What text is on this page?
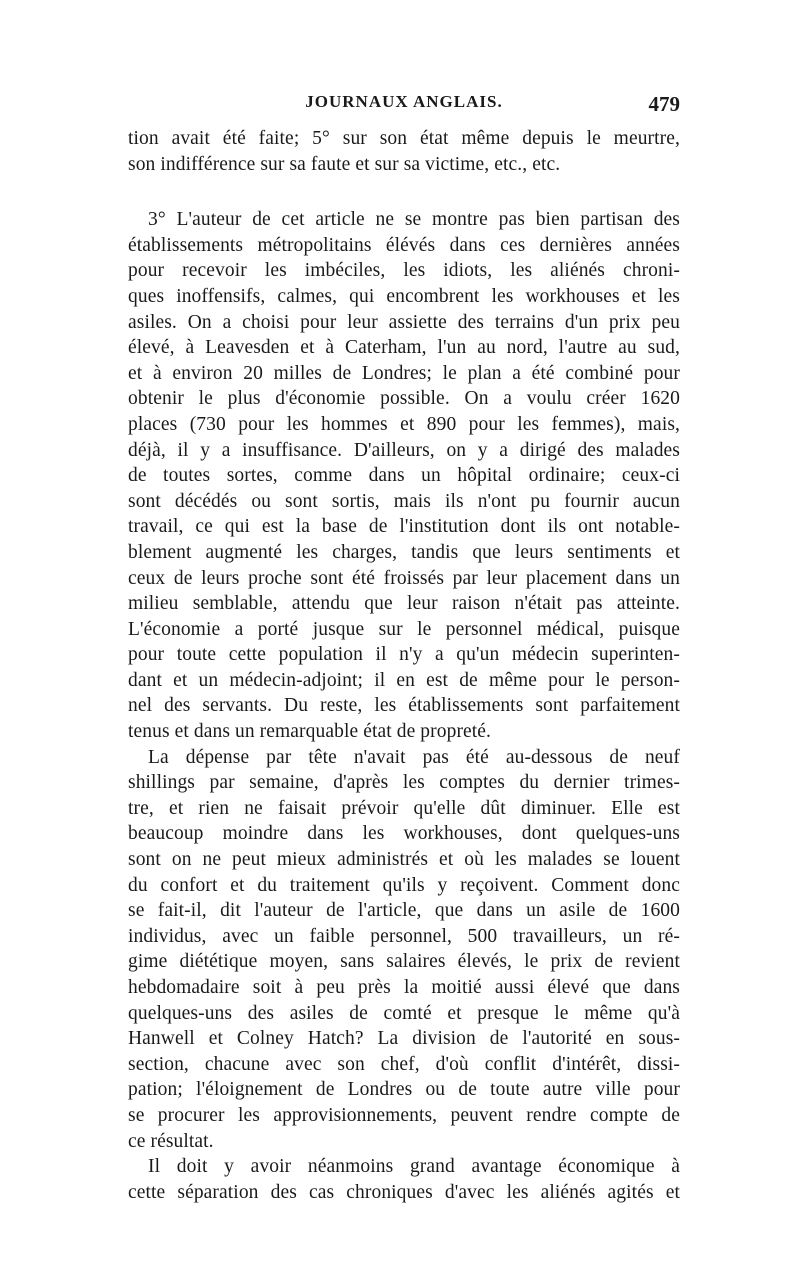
JOURNAUX ANGLAIS.	479
tion avait été faite; 5° sur son état même depuis le meurtre,
son indifférence sur sa faute et sur sa victime, etc., etc.
3° L'auteur de cet article ne se montre pas bien partisan des
établissements métropolitains élévés dans ces dernières années
pour recevoir les imbéciles, les idiots, les aliénés chroni-
ques inoffensifs, calmes, qui encombrent les workhouses et les
asiles. On a choisi pour leur assiette des terrains d'un prix peu
élevé, à Leavesden et à Caterham, l'un au nord, l'autre au sud,
et à environ 20 milles de Londres; le plan a été combiné pour
obtenir le plus d'économie possible. On a voulu créer 1620
places (730 pour les hommes et 890 pour les femmes), mais,
déjà, il y a insuffisance. D'ailleurs, on y a dirigé des malades
de toutes sortes, comme dans un hôpital ordinaire; ceux-ci
sont décédés ou sont sortis, mais ils n'ont pu fournir aucun
travail, ce qui est la base de l'institution dont ils ont notable-
blement augmenté les charges, tandis que leurs sentiments et
ceux de leurs proche sont été froissés par leur placement dans un
milieu semblable, attendu que leur raison n'était pas atteinte.
L'économie a porté jusque sur le personnel médical, puisque
pour toute cette population il n'y a qu'un médecin superinten-
dant et un médecin-adjoint; il en est de même pour le person-
nel des servants. Du reste, les établissements sont parfaitement
tenus et dans un remarquable état de propreté.
La dépense par tête n'avait pas été au-dessous de neuf
shillings par semaine, d'après les comptes du dernier trimes-
tre, et rien ne faisait prévoir qu'elle dût diminuer. Elle est
beaucoup moindre dans les workhouses, dont quelques-uns
sont on ne peut mieux administrés et où les malades se louent
du confort et du traitement qu'ils y reçoivent. Comment donc
se fait-il, dit l'auteur de l'article, que dans un asile de 1600
individus, avec un faible personnel, 500 travailleurs, un ré-
gime diététique moyen, sans salaires élevés, le prix de revient
hebdomadaire soit à peu près la moitié aussi élevé que dans
quelques-uns des asiles de comté et presque le même qu'à
Hanwell et Colney Hatch? La division de l'autorité en sous-
section, chacune avec son chef, d'où conflit d'intérêt, dissi-
pation; l'éloignement de Londres ou de toute autre ville pour
se procurer les approvisionnements, peuvent rendre compte de
ce résultat.
Il doit y avoir néanmoins grand avantage économique à
cette séparation des cas chroniques d'avec les aliénés agités et
